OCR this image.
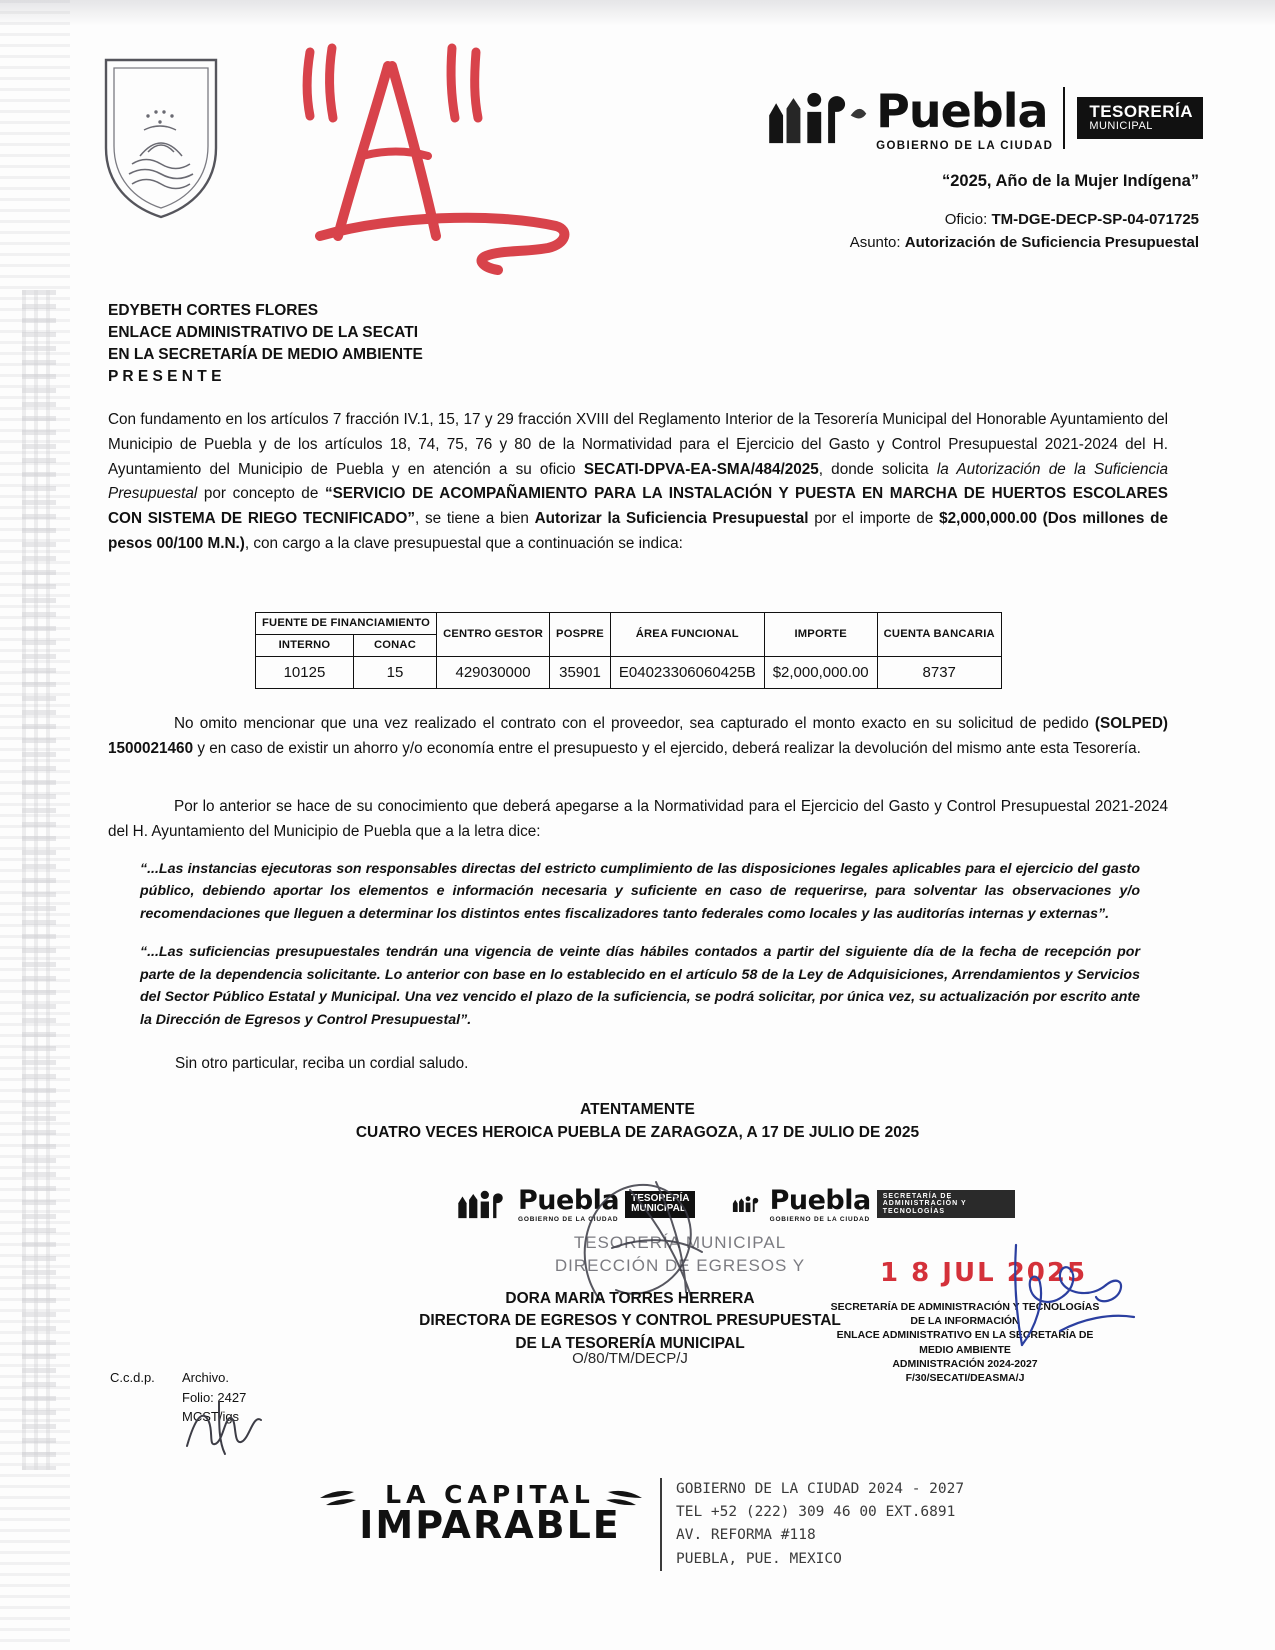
Puebla
GOBIERNO DE LA CIUDAD
TESORERÍA
MUNICIPAL
“2025, Año de la Mujer Indígena”
Oficio: TM-DGE-DECP-SP-04-071725
Asunto: Autorización de Suficiencia Presupuestal
EDYBETH CORTES FLORES
ENLACE ADMINISTRATIVO DE LA SECATI
EN LA SECRETARÍA DE MEDIO AMBIENTE
P R E S E N T E

Con fundamento en los artículos 7 fracción IV.1, 15, 17 y 29 fracción XVIII del Reglamento Interior de la Tesorería Municipal del Honorable Ayuntamiento del Municipio de Puebla y de los artículos 18, 74, 75, 76 y 80 de la Normatividad para el Ejercicio del Gasto y Control Presupuestal 2021-2024 del H. Ayuntamiento del Municipio de Puebla y en atención a su oficio SECATI-DPVA-EA-SMA/484/2025, donde solicita la Autorización de la Suficiencia Presupuestal por concepto de “SERVICIO DE ACOMPAÑAMIENTO PARA LA INSTALACIÓN Y PUESTA EN MARCHA DE HUERTOS ESCOLARES CON SISTEMA DE RIEGO TECNIFICADO”, se tiene a bien Autorizar la Suficiencia Presupuestal por el importe de $2,000,000.00 (Dos millones de pesos 00/100 M.N.), con cargo a la clave presupuestal que a continuación se indica:

FUENTE DE FINANCIAMIENTO		CENTRO GESTOR	POSPRE	ÁREA FUNCIONAL	IMPORTE	CUENTA BANCARIA
INTERNO	CONAC					
10125	15	429030000	35901	E04023306060425B	$2,000,000.00	8737

No omito mencionar que una vez realizado el contrato con el proveedor, sea capturado el monto exacto en su solicitud de pedido (SOLPED) 1500021460 y en caso de existir un ahorro y/o economía entre el presupuesto y el ejercido, deberá realizar la devolución del mismo ante esta Tesorería.

Por lo anterior se hace de su conocimiento que deberá apegarse a la Normatividad para el Ejercicio del Gasto y Control Presupuestal 2021-2024 del H. Ayuntamiento del Municipio de Puebla que a la letra dice:

“...Las instancias ejecutoras son responsables directas del estricto cumplimiento de las disposiciones legales aplicables para el ejercicio del gasto público, debiendo aportar los elementos e información necesaria y suficiente en caso de requerirse, para solventar las observaciones y/o recomendaciones que lleguen a determinar los distintos entes fiscalizadores tanto federales como locales y las auditorías internas y externas”.

“...Las suficiencias presupuestales tendrán una vigencia de veinte días hábiles contados a partir del siguiente día de la fecha de recepción por parte de la dependencia solicitante. Lo anterior con base en lo establecido en el artículo 58 de la Ley de Adquisiciones, Arrendamientos y Servicios del Sector Público Estatal y Municipal. Una vez vencido el plazo de la suficiencia, se podrá solicitar, por única vez, su actualización por escrito ante la Dirección de Egresos y Control Presupuestal”.

Sin otro particular, reciba un cordial saludo.
ATENTAMENTE
CUATRO VECES HEROICA PUEBLA DE ZARAGOZA, A 17 DE JULIO DE 2025
Puebla
GOBIERNO DE LA CIUDAD
TESORERÍA
MUNICIPAL	Puebla
GOBIERNO DE LA CIUDAD
SECRETARÍA DE ADMINISTRACIÓN Y TECNOLOGÍAS
TESORERÍA MUNICIPAL
DIRECCIÓN DE EGRESOS Y
DORA MARIA TORRES HERRERA
DIRECTORA DE EGRESOS Y CONTROL PRESUPUESTAL
DE LA TESORERÍA MUNICIPAL
O/80/TM/DECP/J
1 8 JUL 2025
SECRETARÍA DE ADMINISTRACIÓN Y TECNOLOGÍAS
DE LA INFORMACIÓN
ENLACE ADMINISTRATIVO EN LA SECRETARÍA DE
MEDIO AMBIENTE
ADMINISTRACIÓN 2024-2027
F/30/SECATI/DEASMA/J
C.c.d.p. Archivo.
Folio: 2427
MCST/igs
LA CAPITAL
IMPARABLE
GOBIERNO DE LA CIUDAD 2024 - 2027
TEL +52 (222) 309 46 00 EXT.6891
AV. REFORMA #118
PUEBLA, PUE. MEXICO
